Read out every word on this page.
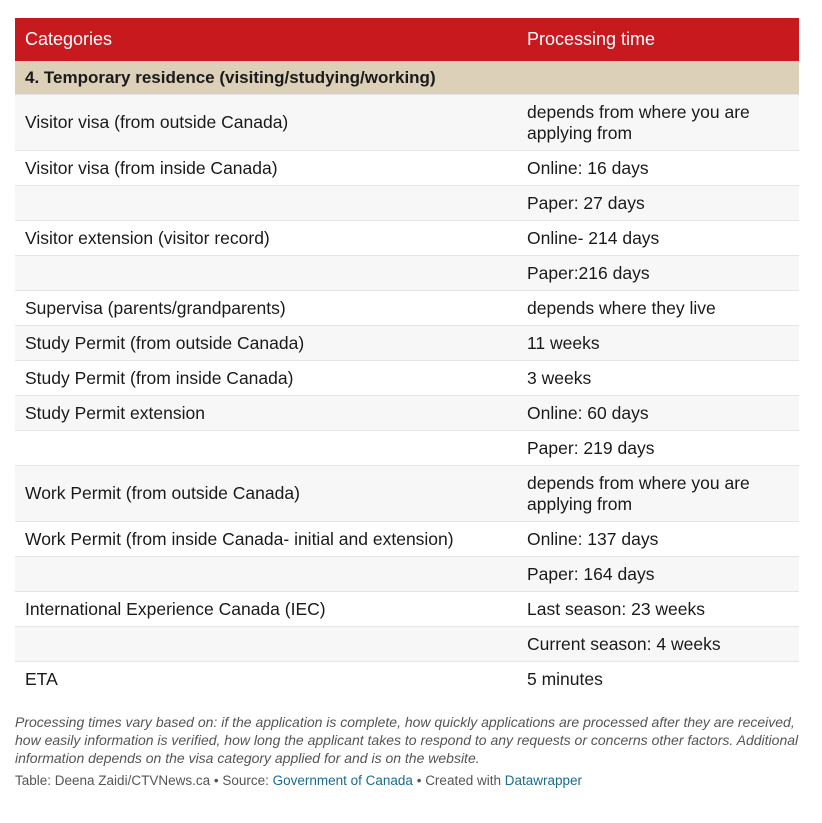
Categories	Processing time
4. Temporary residence (visiting/studying/working)	
Visitor visa (from outside Canada)	depends from where you are applying from
Visitor visa (from inside Canada)	Online: 16 days
	Paper: 27 days
Visitor extension (visitor record)	Online- 214 days
	Paper:216 days
Supervisa (parents/grandparents)	depends where they live
Study Permit (from outside Canada)	11 weeks
Study Permit (from inside Canada)	3 weeks
Study Permit extension	Online: 60 days
	Paper: 219 days
Work Permit (from outside Canada)	depends from where you are applying from
Work Permit (from inside Canada- initial and extension)	Online: 137 days
	Paper: 164 days
International Experience Canada (IEC)	Last season: 23 weeks
	Current season: 4 weeks
ETA	5 minutes
Processing times vary based on: if the application is complete, how quickly applications are processed after they are received, how easily information is verified, how long the applicant takes to respond to any requests or concerns other factors. Additional information depends on the visa category applied for and is on the website.
Table: Deena Zaidi/CTVNews.ca • Source: Government of Canada • Created with Datawrapper
